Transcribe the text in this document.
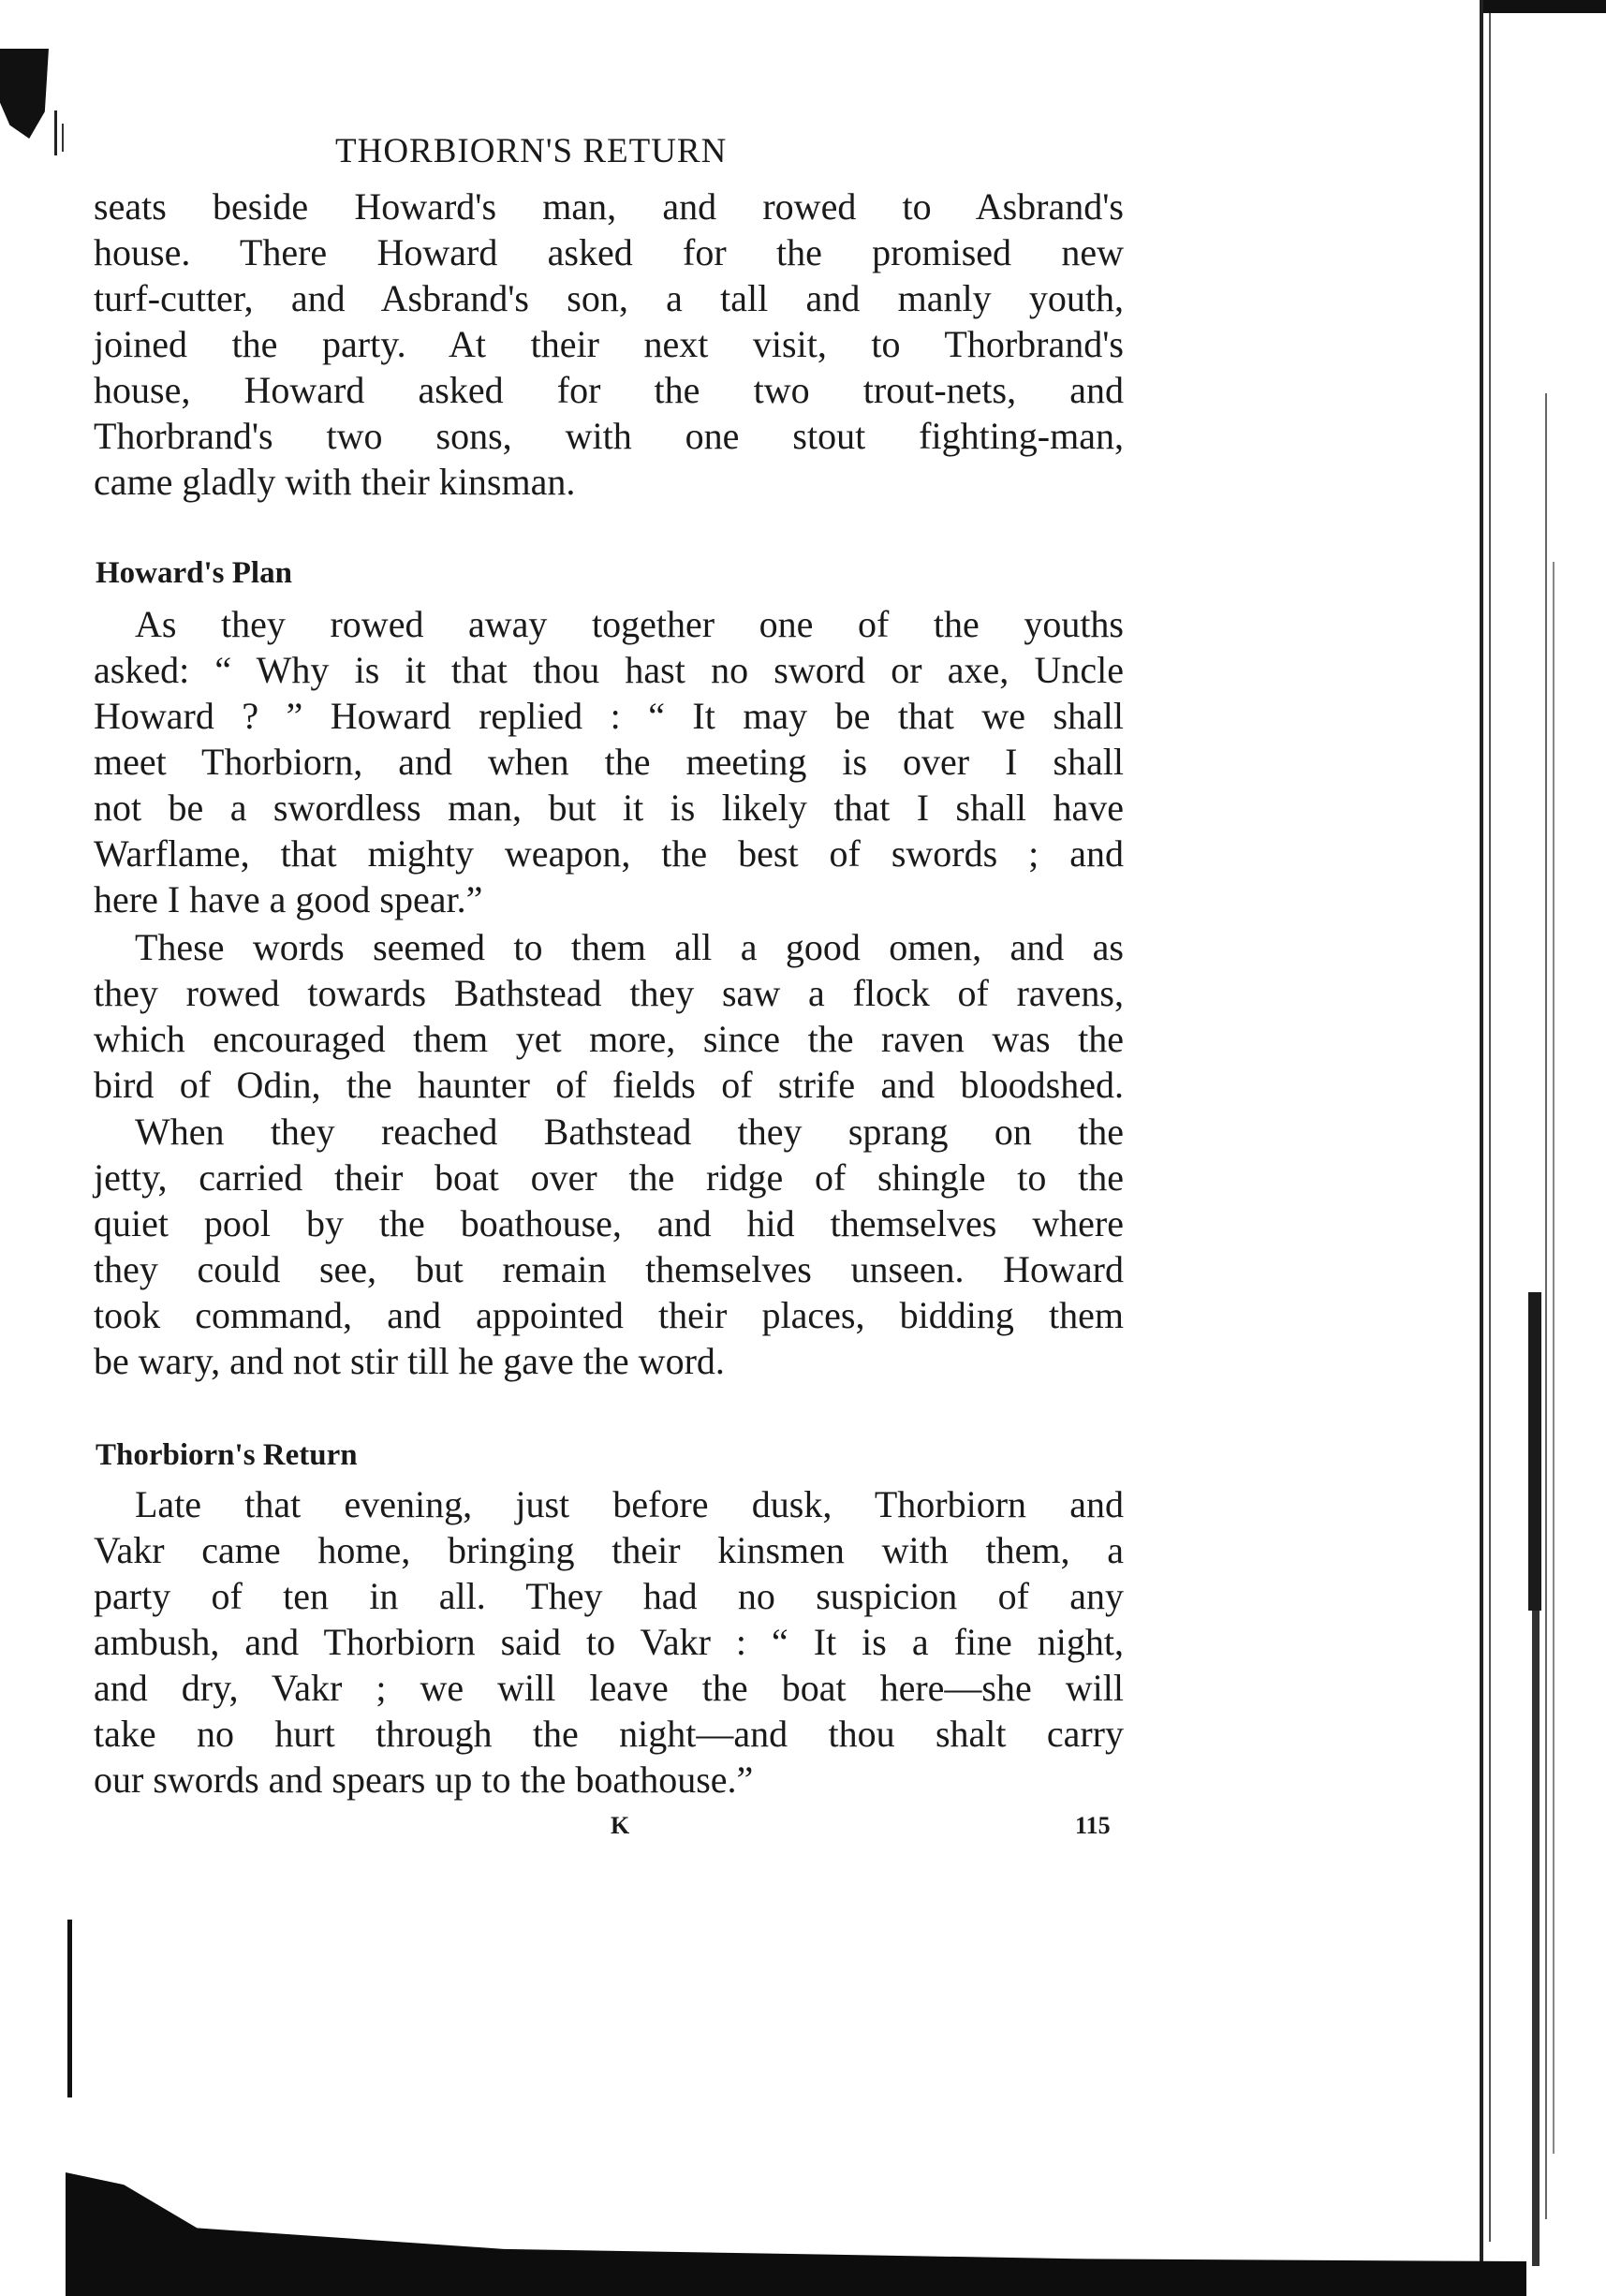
THORBIORN'S RETURN
seats beside Howard's man, and rowed to Asbrand's
house. There Howard asked for the promised new
turf-cutter, and Asbrand's son, a tall and manly youth,
joined the party. At their next visit, to Thorbrand's
house, Howard asked for the two trout-nets, and
Thorbrand's two sons, with one stout fighting-man,
came gladly with their kinsman.
Howard's Plan
As they rowed away together one of the youths
asked: “ Why is it that thou hast no sword or axe, Uncle
Howard ? ” Howard replied : “ It may be that we shall
meet Thorbiorn, and when the meeting is over I shall
not be a swordless man, but it is likely that I shall have
Warflame, that mighty weapon, the best of swords ; and
here I have a good spear.”
These words seemed to them all a good omen, and as
they rowed towards Bathstead they saw a flock of ravens,
which encouraged them yet more, since the raven was the
bird of Odin, the haunter of fields of strife and bloodshed.
When they reached Bathstead they sprang on the
jetty, carried their boat over the ridge of shingle to the
quiet pool by the boathouse, and hid themselves where
they could see, but remain themselves unseen. Howard
took command, and appointed their places, bidding them
be wary, and not stir till he gave the word.
Thorbiorn's Return
Late that evening, just before dusk, Thorbiorn and
Vakr came home, bringing their kinsmen with them, a
party of ten in all. They had no suspicion of any
ambush, and Thorbiorn said to Vakr : “ It is a fine night,
and dry, Vakr ; we will leave the boat here—she will
take no hurt through the night—and thou shalt carry
our swords and spears up to the boathouse.”
K	115
